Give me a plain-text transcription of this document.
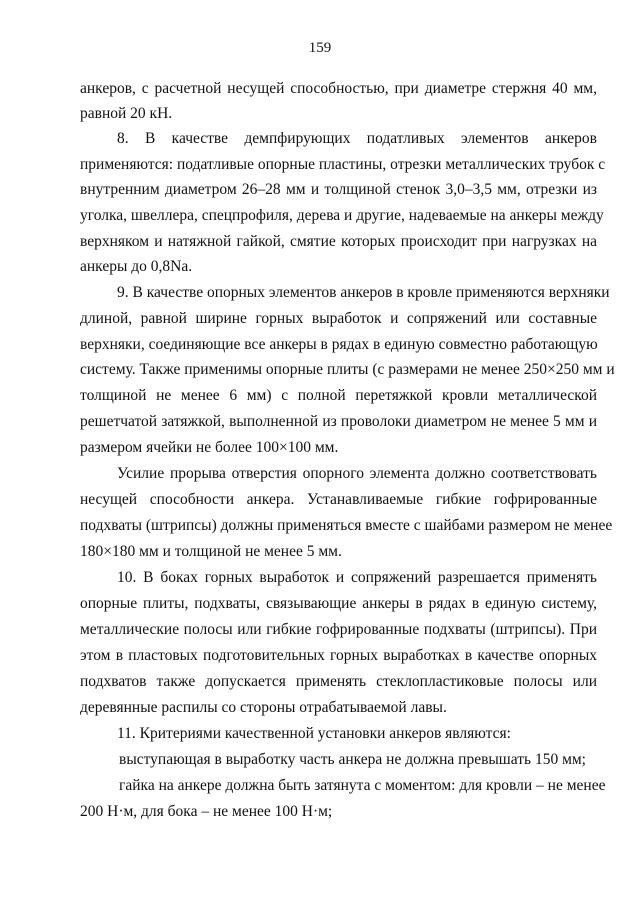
159
анкеров, с расчетной несущей способностью, при диаметре стержня 40 мм,
равной 20 кН.
8. В качестве демпфирующих податливых элементов анкеров
применяются: податливые опорные пластины, отрезки металлических трубок с
внутренним диаметром 26–28 мм и толщиной стенок 3,0–3,5 мм, отрезки из
уголка, швеллера, спецпрофиля, дерева и другие, надеваемые на анкеры между
верхняком и натяжной гайкой, смятие которых происходит при нагрузках на
анкеры до 0,8Nа.
9. В качестве опорных элементов анкеров в кровле применяются верхняки
длиной, равной ширине горных выработок и сопряжений или составные
верхняки, соединяющие все анкеры в рядах в единую совместно работающую
систему. Также применимы опорные плиты (с размерами не менее 250×250 мм и
толщиной не менее 6 мм) с полной перетяжкой кровли металлической
решетчатой затяжкой, выполненной из проволоки диаметром не менее 5 мм и
размером ячейки не более 100×100 мм.
Усилие прорыва отверстия опорного элемента должно соответствовать
несущей способности анкера. Устанавливаемые гибкие гофрированные
подхваты (штрипсы) должны применяться вместе с шайбами размером не менее
180×180 мм и толщиной не менее 5 мм.
10. В боках горных выработок и сопряжений разрешается применять
опорные плиты, подхваты, связывающие анкеры в рядах в единую систему,
металлические полосы или гибкие гофрированные подхваты (штрипсы). При
этом в пластовых подготовительных горных выработках в качестве опорных
подхватов также допускается применять стеклопластиковые полосы или
деревянные распилы со стороны отрабатываемой лавы.
11. Критериями качественной установки анкеров являются:
выступающая в выработку часть анкера не должна превышать 150 мм;
гайка на анкере должна быть затянута с моментом: для кровли – не менее
200 Н·м, для бока – не менее 100 Н·м;
